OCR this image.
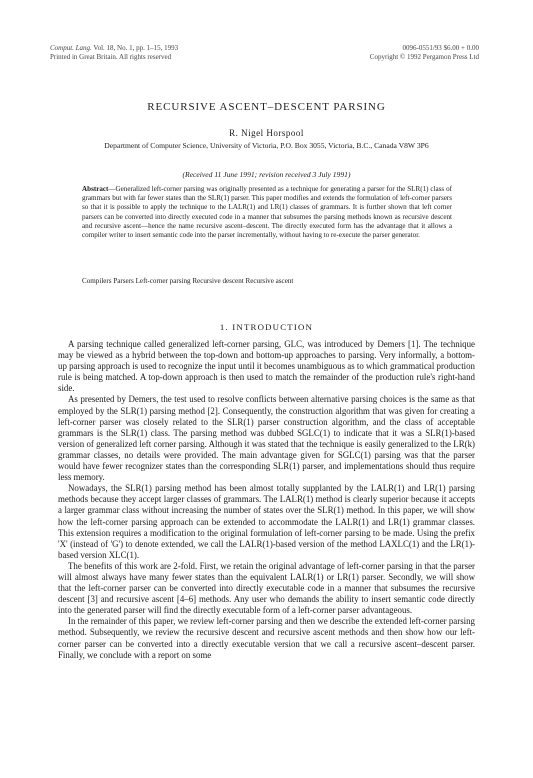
Comput. Lang. Vol. 18, No. 1, pp. 1–15, 1993
Printed in Great Britain. All rights reserved
0096-0551/93 $6.00 + 0.00
Copyright © 1992 Pergamon Press Ltd
RECURSIVE ASCENT–DESCENT PARSING
R. Nigel Horspool
Department of Computer Science, University of Victoria, P.O. Box 3055, Victoria, B.C., Canada V8W 3P6
(Received 11 June 1991; revision received 3 July 1991)
Abstract—Generalized left-corner parsing was originally presented as a technique for generating a parser for the SLR(1) class of grammars but with far fewer states than the SLR(1) parser. This paper modifies and extends the formulation of left-corner parsers so that it is possible to apply the technique to the LALR(1) and LR(1) classes of grammars. It is further shown that left corner parsers can be converted into directly executed code in a manner that subsumes the parsing methods known as recursive descent and recursive ascent—hence the name recursive ascent–descent. The directly executed form has the advantage that it allows a compiler writer to insert semantic code into the parser incrementally, without having to re-execute the parser generator.
Compilers Parsers Left-corner parsing Recursive descent Recursive ascent
1. INTRODUCTION

A parsing technique called generalized left-corner parsing, GLC, was introduced by Demers [1]. The technique may be viewed as a hybrid between the top-down and bottom-up approaches to parsing. Very informally, a bottom-up parsing approach is used to recognize the input until it becomes unambiguous as to which grammatical production rule is being matched. A top-down approach is then used to match the remainder of the production rule's right-hand side.

As presented by Demers, the test used to resolve conflicts between alternative parsing choices is the same as that employed by the SLR(1) parsing method [2]. Consequently, the construction algorithm that was given for creating a left-corner parser was closely related to the SLR(1) parser construction algorithm, and the class of acceptable grammars is the SLR(1) class. The parsing method was dubbed SGLC(1) to indicate that it was a SLR(1)-based version of generalized left corner parsing. Although it was stated that the technique is easily generalized to the LR(k) grammar classes, no details were provided. The main advantage given for SGLC(1) parsing was that the parser would have fewer recognizer states than the corresponding SLR(1) parser, and implementations should thus require less memory.

Nowadays, the SLR(1) parsing method has been almost totally supplanted by the LALR(1) and LR(1) parsing methods because they accept larger classes of grammars. The LALR(1) method is clearly superior because it accepts a larger grammar class without increasing the number of states over the SLR(1) method. In this paper, we will show how the left-corner parsing approach can be extended to accommodate the LALR(1) and LR(1) grammar classes. This extension requires a modification to the original formulation of left-corner parsing to be made. Using the prefix 'X' (instead of 'G') to denote extended, we call the LALR(1)-based version of the method LAXLC(1) and the LR(1)-based version XLC(1).

The benefits of this work are 2-fold. First, we retain the original advantage of left-corner parsing in that the parser will almost always have many fewer states than the equivalent LALR(1) or LR(1) parser. Secondly, we will show that the left-corner parser can be converted into directly executable code in a manner that subsumes the recursive descent [3] and recursive ascent [4–6] methods. Any user who demands the ability to insert semantic code directly into the generated parser will find the directly executable form of a left-corner parser advantageous.

In the remainder of this paper, we review left-corner parsing and then we describe the extended left-corner parsing method. Subsequently, we review the recursive descent and recursive ascent methods and then show how our left-corner parser can be converted into a directly executable version that we call a recursive ascent–descent parser. Finally, we conclude with a report on some
